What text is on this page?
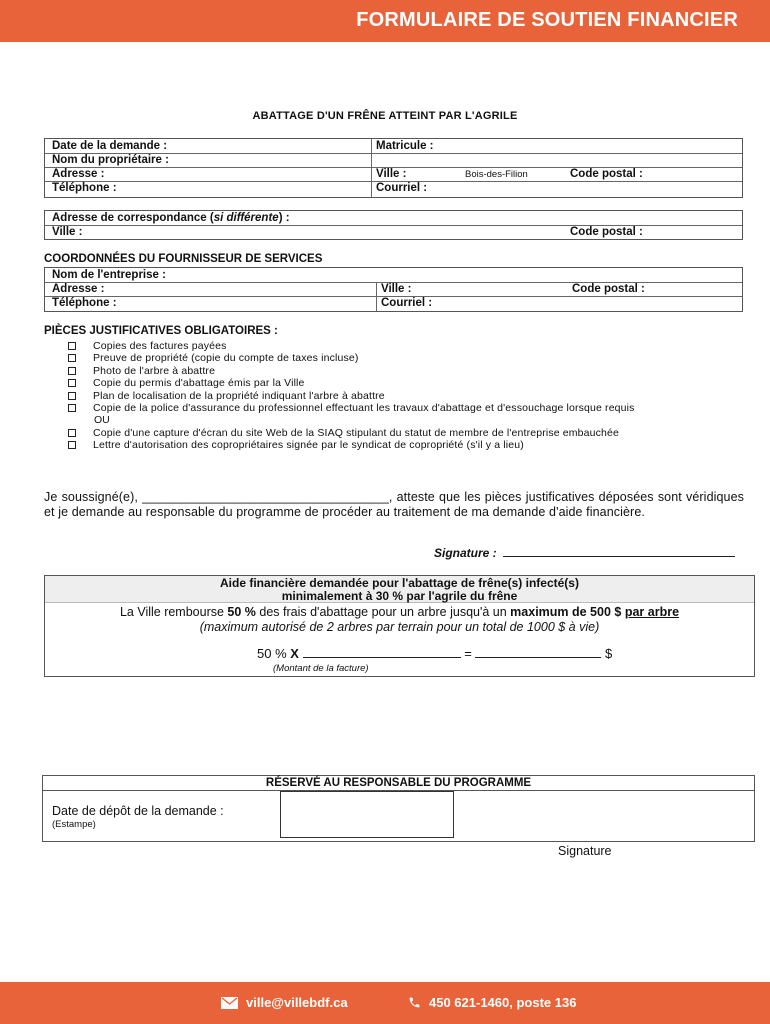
FORMULAIRE DE SOUTIEN FINANCIER
ABATTAGE D'UN FRÊNE ATTEINT PAR L'AGRILE
Date de la demande :	Matricule :
Nom du propriétaire :
Adresse :	Ville :	Bois-des-Filion	Code postal :
Téléphone :	Courriel :
Adresse de correspondance (si différente) :
Ville :	Code postal :
COORDONNÉES DU FOURNISSEUR DE SERVICES
Nom de l'entreprise :
Adresse :	Ville :	Code postal :
Téléphone :	Courriel :
PIÈCES JUSTIFICATIVES OBLIGATOIRES :
Copies des factures payées
Preuve de propriété (copie du compte de taxes incluse)
Photo de l'arbre à abattre
Copie du permis d'abattage émis par la Ville
Plan de localisation de la propriété indiquant l'arbre à abattre
Copie de la police d'assurance du professionnel effectuant les travaux d'abattage et d'essouchage lorsque requis
OU
Copie d'une capture d'écran du site Web de la SIAQ stipulant du statut de membre de l'entreprise embauchée
Lettre d'autorisation des copropriétaires signée par le syndicat de copropriété (s'il y a lieu)
Je soussigné(e), ___________________________________, atteste que les pièces justificatives déposées sont véridiques et je demande au responsable du programme de procéder au traitement de ma demande d'aide financière.
Signature :
Aide financière demandée pour l'abattage de frêne(s) infecté(s)
minimalement à 30 % par l'agrile du frêne
La Ville rembourse 50 % des frais d'abattage pour un arbre jusqu'à un maximum de 500 $ par arbre
(maximum autorisé de 2 arbres par terrain pour un total de 1000 $ à vie)
50 % X	=	$
(Montant de la facture)
RÉSERVÉ AU RESPONSABLE DU PROGRAMME
Date de dépôt de la demande :
(Estampe)
Signature
ville@villebdf.ca	450 621-1460, poste 136
